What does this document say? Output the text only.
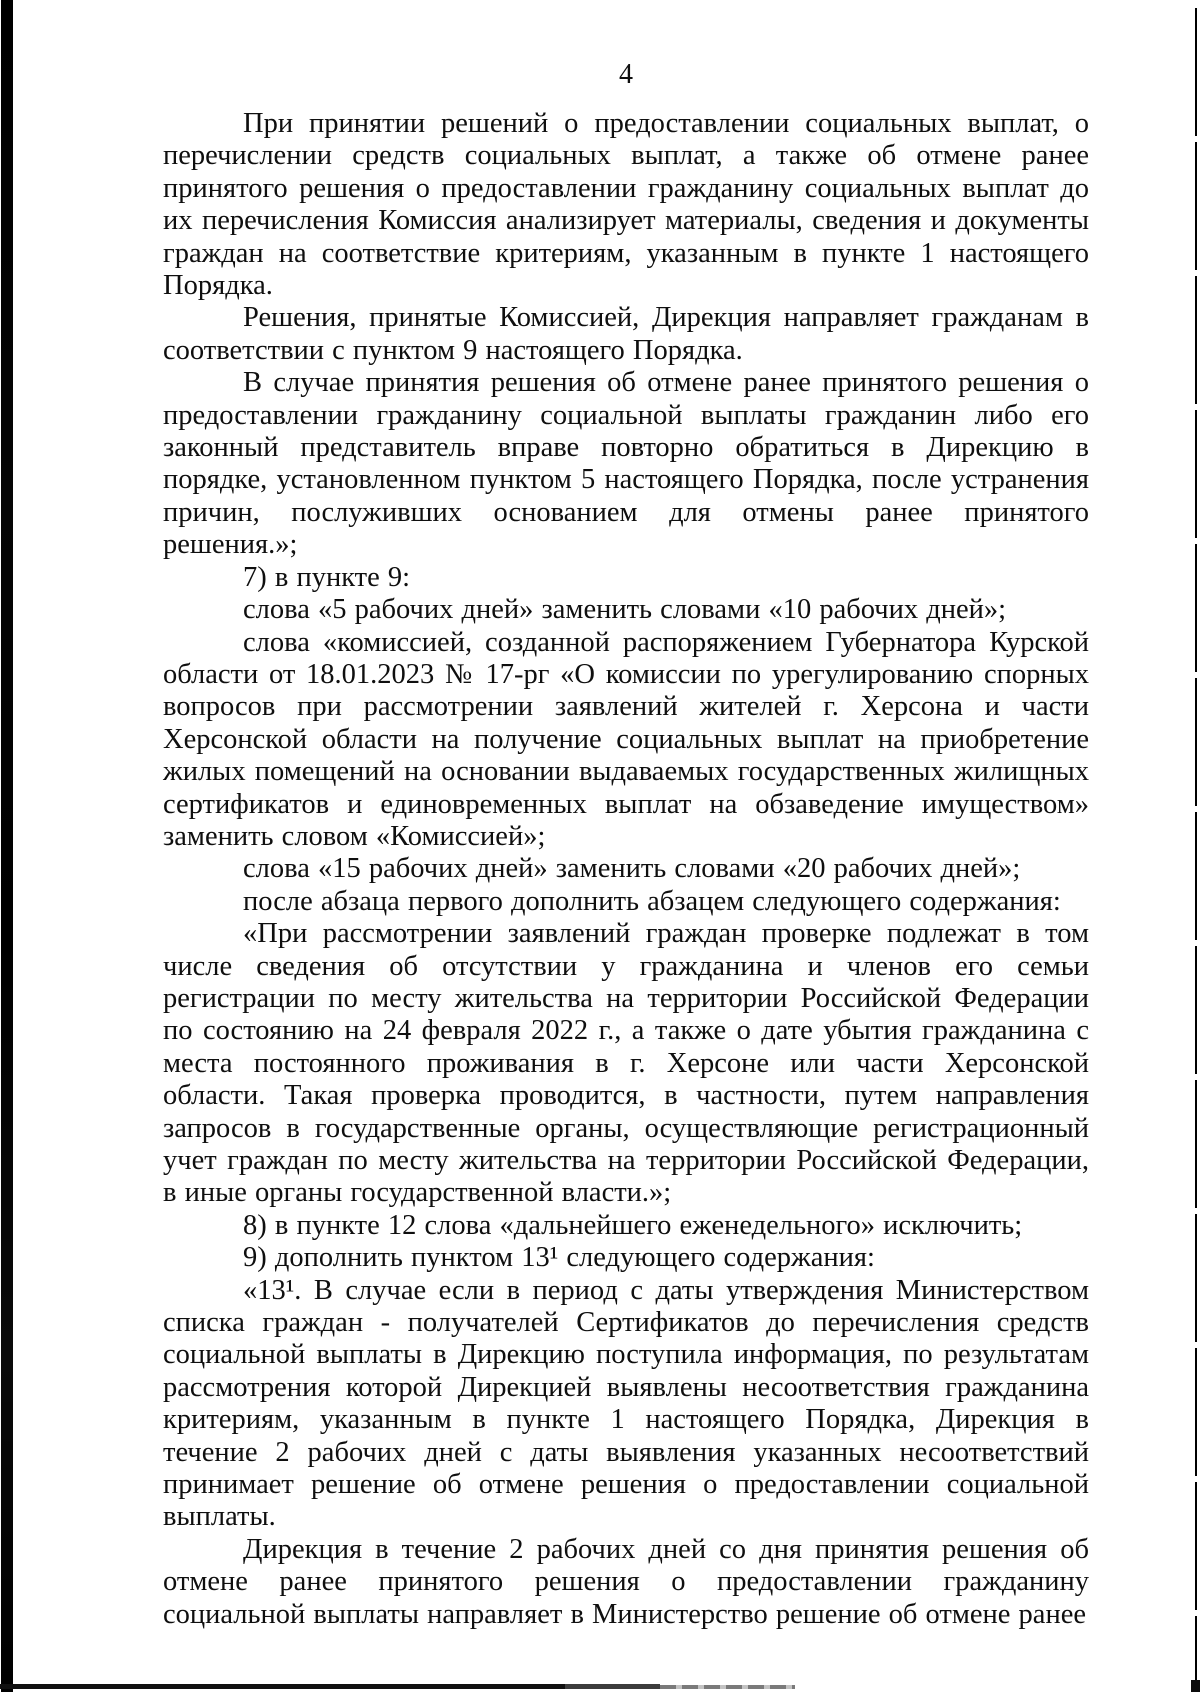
4

При принятии решений о предоставлении социальных выплат, о перечислении средств социальных выплат, а также об отмене ранее принятого решения о предоставлении гражданину социальных выплат до их перечисления Комиссия анализирует материалы, сведения и документы граждан на соответствие критериям, указанным в пункте 1 настоящего Порядка.

Решения, принятые Комиссией, Дирекция направляет гражданам в соответствии с пунктом 9 настоящего Порядка.

В случае принятия решения об отмене ранее принятого решения о предоставлении гражданину социальной выплаты гражданин либо его законный представитель вправе повторно обратиться в Дирекцию в порядке, установленном пунктом 5 настоящего Порядка, после устранения причин, послуживших основанием для отмены ранее принятого решения.»;

7) в пункте 9:

слова «5 рабочих дней» заменить словами «10 рабочих дней»;

слова «комиссией, созданной распоряжением Губернатора Курской области от 18.01.2023 № 17-рг «О комиссии по урегулированию спорных вопросов при рассмотрении заявлений жителей г. Херсона и части Херсонской области на получение социальных выплат на приобретение жилых помещений на основании выдаваемых государственных жилищных сертификатов и единовременных выплат на обзаведение имуществом» заменить словом «Комиссией»;

слова «15 рабочих дней» заменить словами «20 рабочих дней»;

после абзаца первого дополнить абзацем следующего содержания:

«При рассмотрении заявлений граждан проверке подлежат в том числе сведения об отсутствии у гражданина и членов его семьи регистрации по месту жительства на территории Российской Федерации по состоянию на 24 февраля 2022 г., а также о дате убытия гражданина с места постоянного проживания в г. Херсоне или части Херсонской области. Такая проверка проводится, в частности, путем направления запросов в государственные органы, осуществляющие регистрационный учет граждан по месту жительства на территории Российской Федерации, в иные органы государственной власти.»;

8) в пункте 12 слова «дальнейшего еженедельного» исключить;

9) дополнить пунктом 13¹ следующего содержания:

«13¹. В случае если в период с даты утверждения Министерством списка граждан - получателей Сертификатов до перечисления средств социальной выплаты в Дирекцию поступила информация, по результатам рассмотрения которой Дирекцией выявлены несоответствия гражданина критериям, указанным в пункте 1 настоящего Порядка, Дирекция в течение 2 рабочих дней с даты выявления указанных несоответствий принимает решение об отмене решения о предоставлении социальной выплаты.

Дирекция в течение 2 рабочих дней со дня принятия решения об отмене ранее принятого решения о предоставлении гражданину социальной выплаты направляет в Министерство решение об отмене ранее
